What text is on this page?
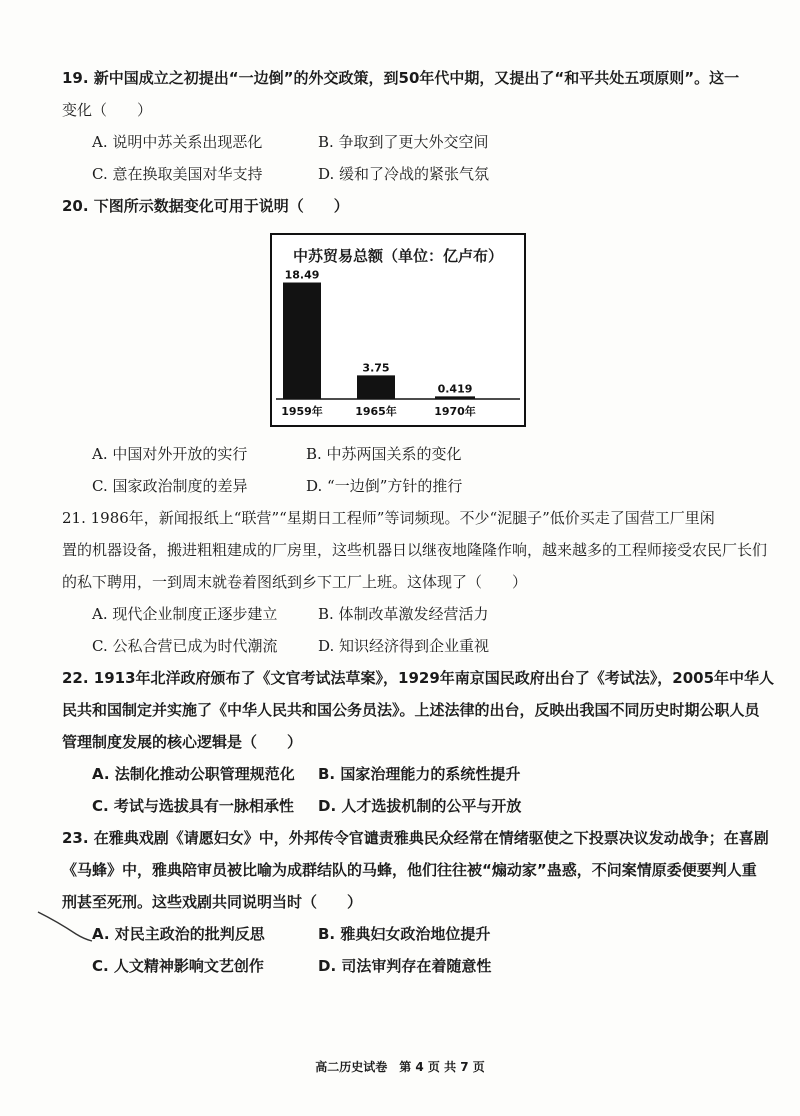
19. 新中国成立之初提出“一边倒”的外交政策，到50年代中期，又提出了“和平共处五项原则”。这一
变化（　　）
A. 说明中苏关系出现恶化	B. 争取到了更大外交空间
C. 意在换取美国对华支持	D. 缓和了冷战的紧张气氛
20. 下图所示数据变化可用于说明（　　）
中苏贸易总额（单位：亿卢布）
18.49
1959年
3.75
1965年
0.419
1970年
A. 中国对外开放的实行	B. 中苏两国关系的变化
C. 国家政治制度的差异	D. “一边倒”方针的推行
21. 1986年，新闻报纸上“联营”“星期日工程师”等词频现。不少“泥腿子”低价买走了国营工厂里闲
置的机器设备，搬进粗粗建成的厂房里，这些机器日以继夜地隆隆作响，越来越多的工程师接受农民厂长们
的私下聘用，一到周末就卷着图纸到乡下工厂上班。这体现了（　　）
A. 现代企业制度正逐步建立	B. 体制改革激发经营活力
C. 公私合营已成为时代潮流	D. 知识经济得到企业重视
22. 1913年北洋政府颁布了《文官考试法草案》，1929年南京国民政府出台了《考试法》，2005年中华人
民共和国制定并实施了《中华人民共和国公务员法》。上述法律的出台，反映出我国不同历史时期公职人员
管理制度发展的核心逻辑是（　　）
A. 法制化推动公职管理规范化 B. 国家治理能力的系统性提升
C. 考试与选拔具有一脉相承性 D. 人才选拔机制的公平与开放
23. 在雅典戏剧《请愿妇女》中，外邦传令官谴责雅典民众经常在情绪驱使之下投票决议发动战争；在喜剧
《马蜂》中，雅典陪审员被比喻为成群结队的马蜂，他们往往被“煽动家”蛊惑，不问案情原委便要判人重
刑甚至死刑。这些戏剧共同说明当时（　　）
A. 对民主政治的批判反思	B. 雅典妇女政治地位提升
C. 人文精神影响文艺创作	D. 司法审判存在着随意性
高二历史试卷　第 4 页 共 7 页
